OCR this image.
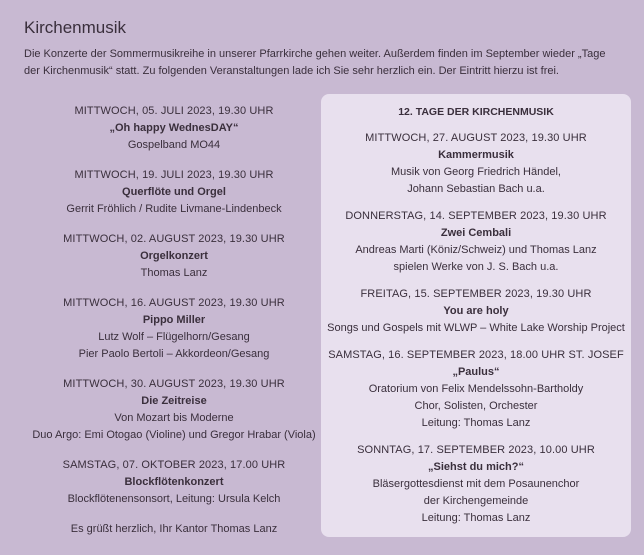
Kirchenmusik

Die Konzerte der Sommermusikreihe in unserer Pfarrkirche gehen weiter. Außerdem finden im September wieder „Tage der Kirchenmusik“ statt. Zu folgenden Veranstaltungen lade ich Sie sehr herzlich ein. Der Eintritt hierzu ist frei.

MITTWOCH, 05. JULI 2023, 19.30 UHR
„Oh happy WednesDAY“
Gospelband MO44
MITTWOCH, 19. JULI 2023, 19.30 UHR
Querflöte und Orgel
Gerrit Fröhlich / Rudite Livmane-Lindenbeck
MITTWOCH, 02. AUGUST 2023, 19.30 UHR
Orgelkonzert
Thomas Lanz
MITTWOCH, 16. AUGUST 2023, 19.30 UHR
Pippo Miller
Lutz Wolf – Flügelhorn/Gesang
Pier Paolo Bertoli – Akkordeon/Gesang
MITTWOCH, 30. AUGUST 2023, 19.30 UHR
Die Zeitreise
Von Mozart bis Moderne
Duo Argo: Emi Otogao (Violine) und Gregor Hrabar (Viola)
SAMSTAG, 07. OKTOBER 2023, 17.00 UHR
Blockflötenkonzert
Blockflötenensonsort, Leitung: Ursula Kelch
Es grüßt herzlich, Ihr Kantor Thomas Lanz
12. TAGE DER KIRCHENMUSIK
MITTWOCH, 27. AUGUST 2023, 19.30 UHR
Kammermusik
Musik von Georg Friedrich Händel,
Johann Sebastian Bach u.a.
DONNERSTAG, 14. SEPTEMBER 2023, 19.30 UHR
Zwei Cembali
Andreas Marti (Köniz/Schweiz) und Thomas Lanz
spielen Werke von J. S. Bach u.a.
FREITAG, 15. SEPTEMBER 2023, 19.30 UHR
You are holy
Songs und Gospels mit WLWP – White Lake Worship Project
SAMSTAG, 16. SEPTEMBER 2023, 18.00 UHR ST. JOSEF
„Paulus“
Oratorium von Felix Mendelssohn-Bartholdy
Chor, Solisten, Orchester
Leitung: Thomas Lanz
SONNTAG, 17. SEPTEMBER 2023, 10.00 UHR
„Siehst du mich?“
Bläsergottesdienst mit dem Posaunenchor
der Kirchengemeinde
Leitung: Thomas Lanz
